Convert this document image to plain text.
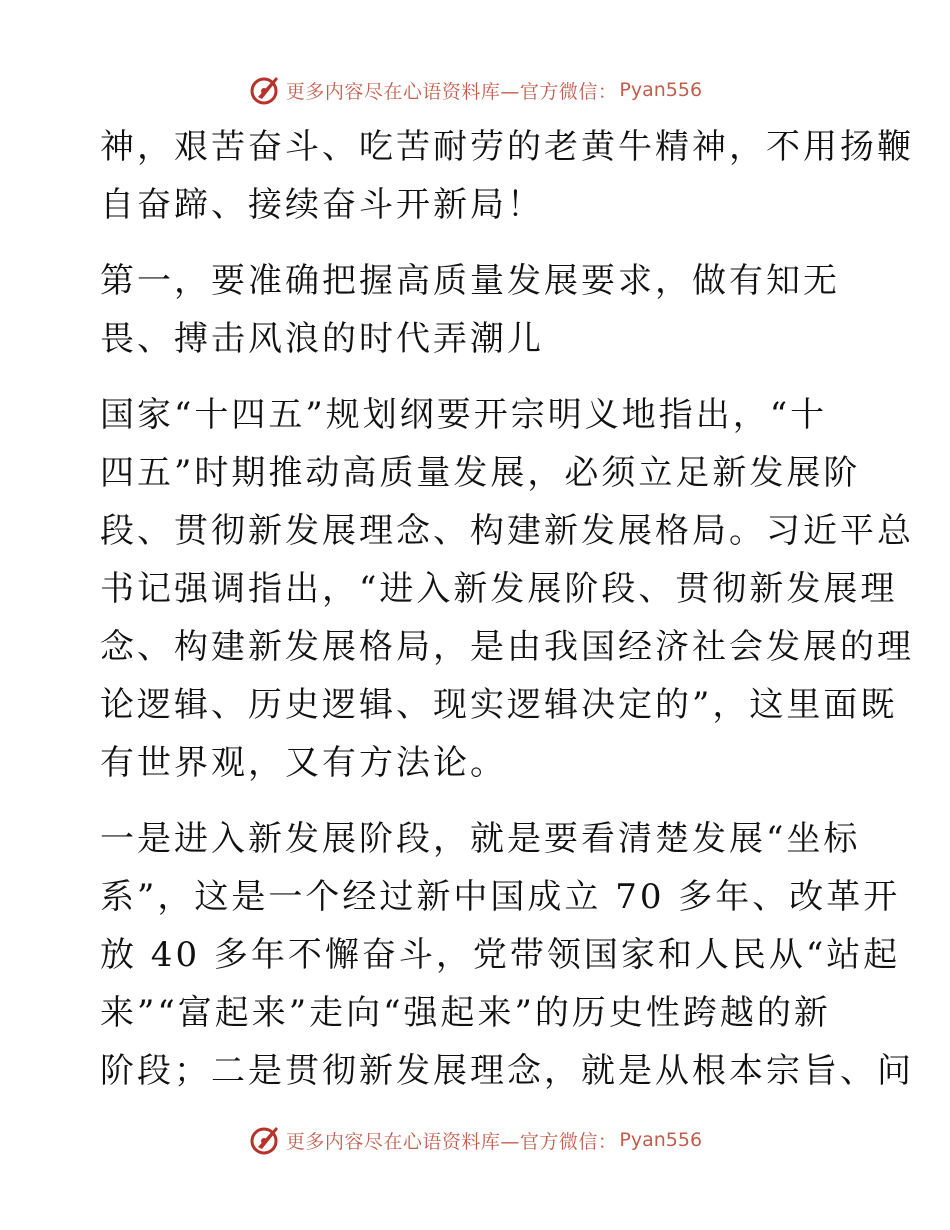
更多内容尽在心语资料库—官方微信： Pyan556

神，艰苦奋斗、吃苦耐劳的老黄牛精神，不用扬鞭
自奋蹄、接续奋斗开新局！

第一，要准确把握高质量发展要求，做有知无
畏、搏击风浪的时代弄潮儿

国家“十四五”规划纲要开宗明义地指出，“十
四五”时期推动高质量发展，必须立足新发展阶
段、贯彻新发展理念、构建新发展格局。习近平总
书记强调指出，“进入新发展阶段、贯彻新发展理
念、构建新发展格局，是由我国经济社会发展的理
论逻辑、历史逻辑、现实逻辑决定的”，这里面既
有世界观，又有方法论。

一是进入新发展阶段，就是要看清楚发展“坐标
系”，这是一个经过新中国成立 70 多年、改革开
放 40 多年不懈奋斗，党带领国家和人民从“站起
来”“富起来”走向“强起来”的历史性跨越的新
阶段；二是贯彻新发展理念，就是从根本宗旨、问

更多内容尽在心语资料库—官方微信： Pyan556
